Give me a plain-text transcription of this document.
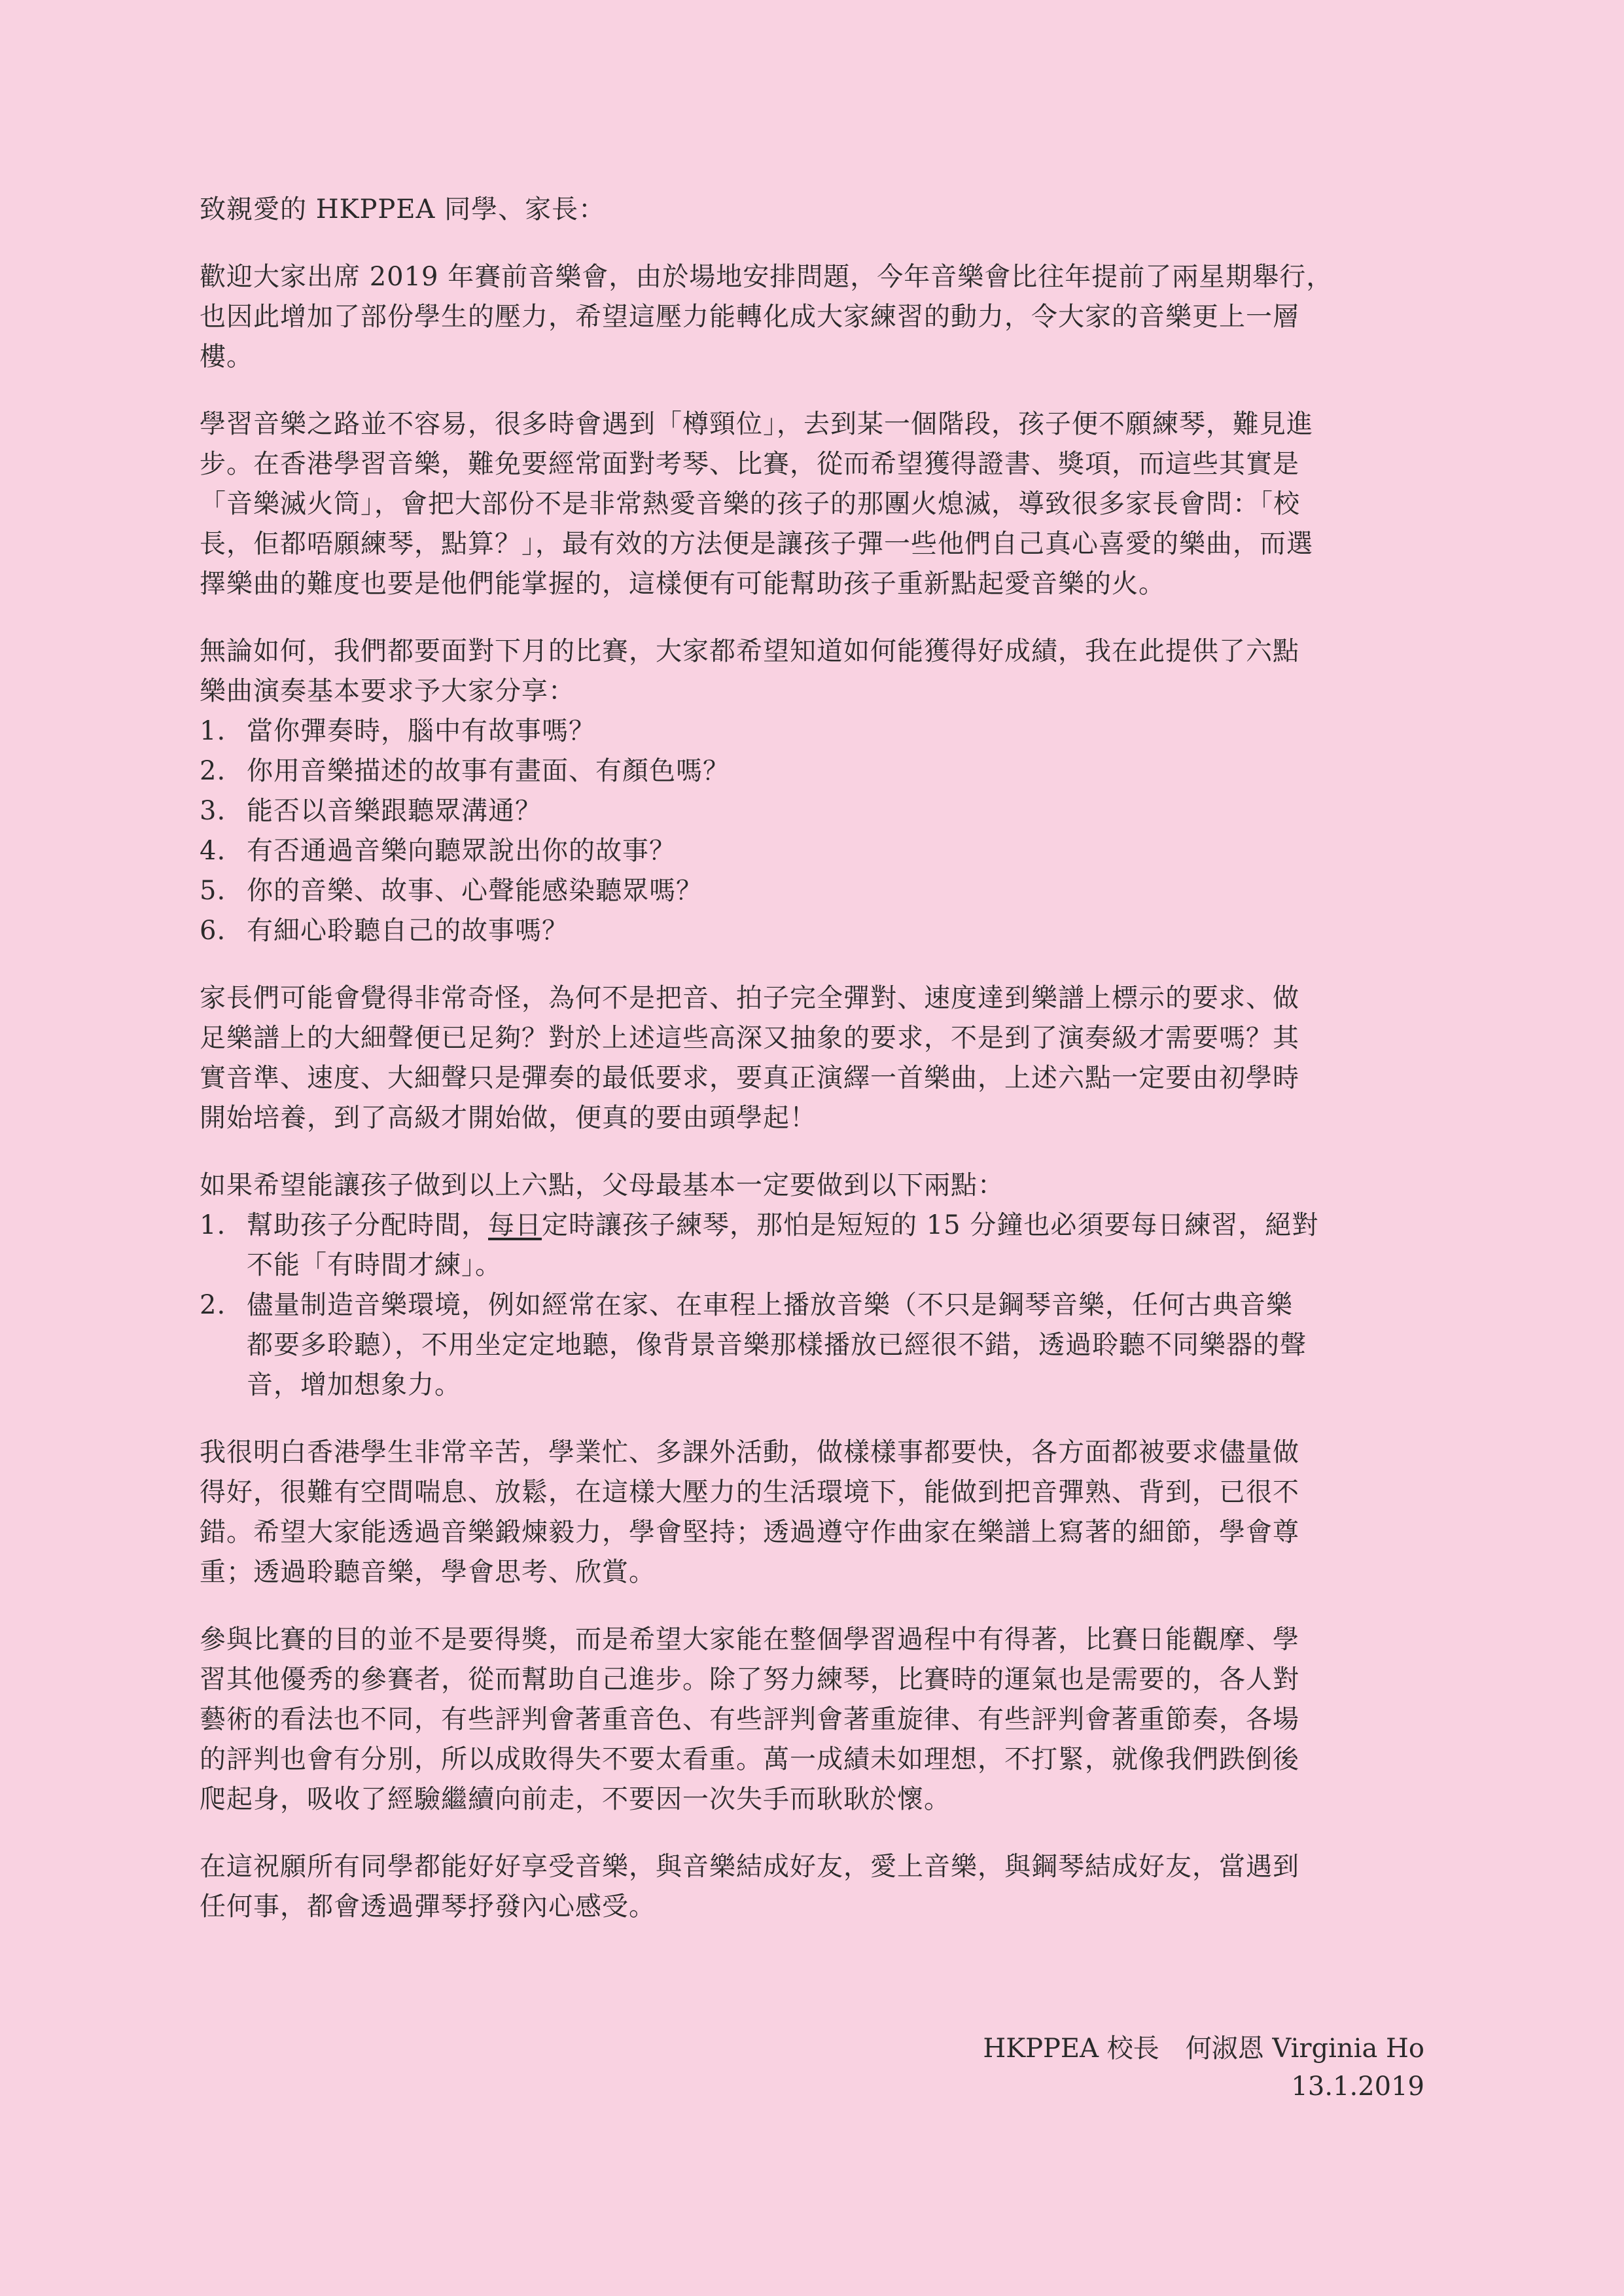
致親愛的 HKPPEA 同學、家長：
歡迎大家出席 2019 年賽前音樂會，由於場地安排問題，今年音樂會比往年提前了兩星期舉行，
也因此增加了部份學生的壓力，希望這壓力能轉化成大家練習的動力，令大家的音樂更上一層
樓。
學習音樂之路並不容易，很多時會遇到「樽頸位」，去到某一個階段，孩子便不願練琴，難見進
步。在香港學習音樂，難免要經常面對考琴、比賽，從而希望獲得證書、獎項，而這些其實是
「音樂滅火筒」，會把大部份不是非常熱愛音樂的孩子的那團火熄滅，導致很多家長會問：「校
長，佢都唔願練琴，點算？」，最有效的方法便是讓孩子彈一些他們自己真心喜愛的樂曲，而選
擇樂曲的難度也要是他們能掌握的，這樣便有可能幫助孩子重新點起愛音樂的火。
無論如何，我們都要面對下月的比賽，大家都希望知道如何能獲得好成績，我在此提供了六點
樂曲演奏基本要求予大家分享：
1. 當你彈奏時，腦中有故事嗎？
2. 你用音樂描述的故事有畫面、有顏色嗎？
3. 能否以音樂跟聽眾溝通？
4. 有否通過音樂向聽眾說出你的故事？
5. 你的音樂、故事、心聲能感染聽眾嗎？
6. 有細心聆聽自己的故事嗎？
家長們可能會覺得非常奇怪，為何不是把音、拍子完全彈對、速度達到樂譜上標示的要求、做
足樂譜上的大細聲便已足夠？對於上述這些高深又抽象的要求，不是到了演奏級才需要嗎？其
實音準、速度、大細聲只是彈奏的最低要求，要真正演繹一首樂曲，上述六點一定要由初學時
開始培養，到了高級才開始做，便真的要由頭學起！
如果希望能讓孩子做到以上六點，父母最基本一定要做到以下兩點：
1. 幫助孩子分配時間，每日定時讓孩子練琴，那怕是短短的 15 分鐘也必須要每日練習，絕對
不能「有時間才練」。
2. 儘量制造音樂環境，例如經常在家、在車程上播放音樂（不只是鋼琴音樂，任何古典音樂
都要多聆聽），不用坐定定地聽，像背景音樂那樣播放已經很不錯，透過聆聽不同樂器的聲
音，增加想象力。
我很明白香港學生非常辛苦，學業忙、多課外活動，做樣樣事都要快，各方面都被要求儘量做
得好，很難有空間喘息、放鬆，在這樣大壓力的生活環境下，能做到把音彈熟、背到，已很不
錯。希望大家能透過音樂鍛煉毅力，學會堅持；透過遵守作曲家在樂譜上寫著的細節，學會尊
重；透過聆聽音樂，學會思考、欣賞。
參與比賽的目的並不是要得獎，而是希望大家能在整個學習過程中有得著，比賽日能觀摩、學
習其他優秀的參賽者，從而幫助自己進步。除了努力練琴，比賽時的運氣也是需要的，各人對
藝術的看法也不同，有些評判會著重音色、有些評判會著重旋律、有些評判會著重節奏，各場
的評判也會有分別，所以成敗得失不要太看重。萬一成績未如理想，不打緊，就像我們跌倒後
爬起身，吸收了經驗繼續向前走，不要因一次失手而耿耿於懷。
在這祝願所有同學都能好好享受音樂，與音樂結成好友，愛上音樂，與鋼琴結成好友，當遇到
任何事，都會透過彈琴抒發內心感受。
HKPPEA 校長　何淑恩 Virginia Ho
13.1.2019
